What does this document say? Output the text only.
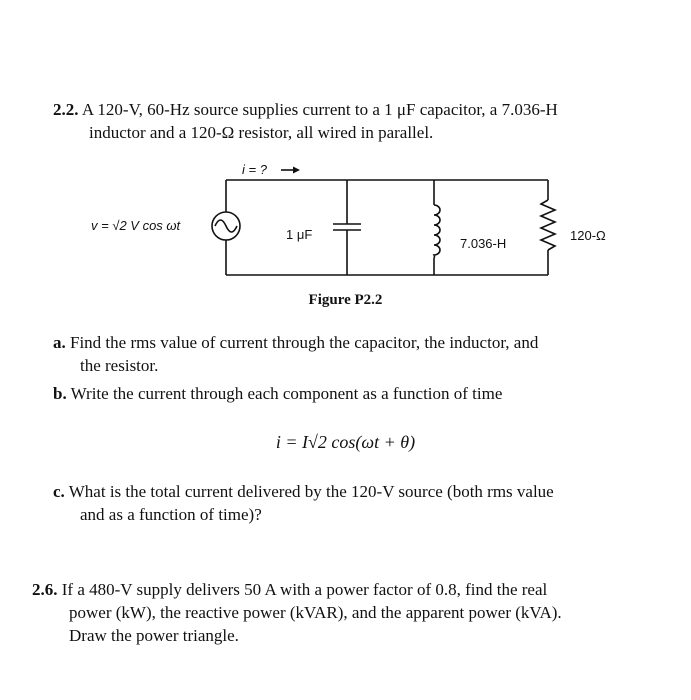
2.2. A 120-V, 60-Hz source supplies current to a 1 μF capacitor, a 7.036-H
inductor and a 120-Ω resistor, all wired in parallel.
i = ?
v = √2 V cos ωt
1 μF
7.036-H
120-Ω
Figure P2.2
a. Find the rms value of current through the capacitor, the inductor, and
the resistor.
b. Write the current through each component as a function of time
i = I√2 cos(ωt + θ)
c. What is the total current delivered by the 120-V source (both rms value
and as a function of time)?
2.6. If a 480-V supply delivers 50 A with a power factor of 0.8, find the real
power (kW), the reactive power (kVAR), and the apparent power (kVA).
Draw the power triangle.
